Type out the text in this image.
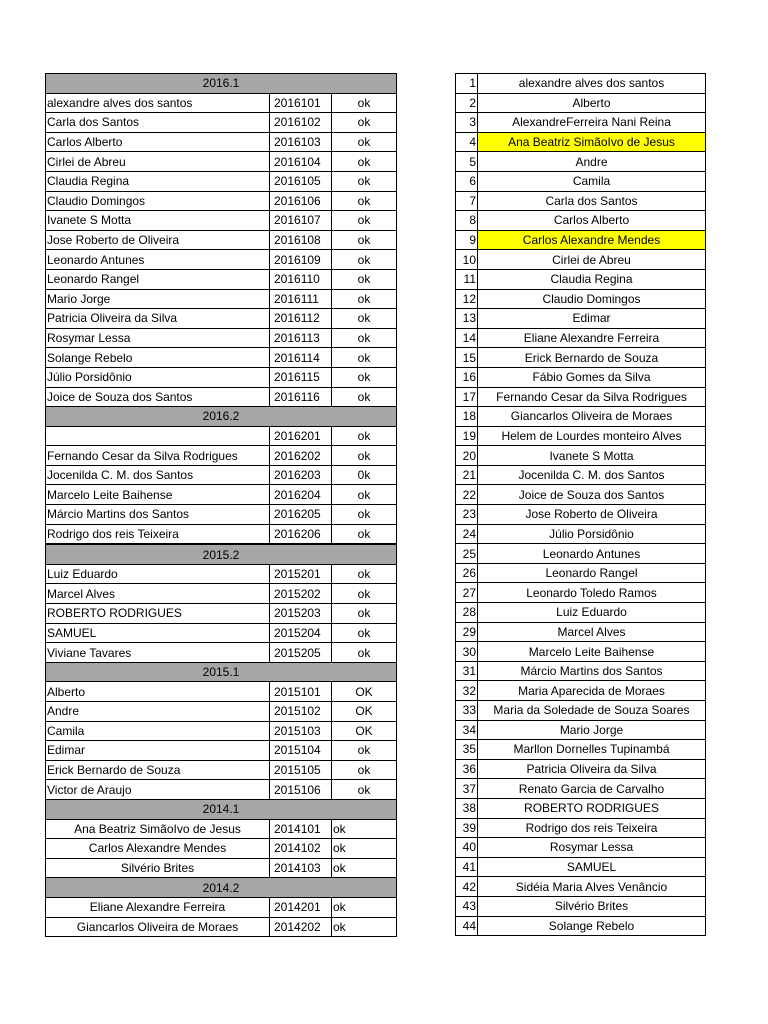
2016.1		
alexandre alves dos santos	2016101	ok
Carla dos Santos	2016102	ok
Carlos Alberto	2016103	ok
Cirlei de Abreu	2016104	ok
Claudia Regina	2016105	ok
Claudio Domingos	2016106	ok
Ivanete S Motta	2016107	ok
Jose Roberto de Oliveira	2016108	ok
Leonardo Antunes	2016109	ok
Leonardo Rangel	2016110	ok
Mario Jorge	2016111	ok
Patricia Oliveira da Silva	2016112	ok
Rosymar Lessa	2016113	ok
Solange Rebelo	2016114	ok
Júlio Porsidônio	2016115	ok
Joice de Souza dos Santos	2016116	ok
2016.2		
	2016201	ok
Fernando Cesar da Silva Rodrigues	2016202	ok
Jocenilda C. M. dos Santos	2016203	0k
Marcelo Leite Baihense	2016204	ok
Márcio Martins dos Santos	2016205	ok
Rodrigo dos reis Teixeira	2016206	ok
2015.2		
Luiz Eduardo	2015201	ok
Marcel Alves	2015202	ok
ROBERTO RODRIGUES	2015203	ok
SAMUEL	2015204	ok
Viviane Tavares	2015205	ok
2015.1		
Alberto	2015101	OK
Andre	2015102	OK
Camila	2015103	OK
Edimar	2015104	ok
Erick Bernardo de Souza	2015105	ok
Victor de Araujo	2015106	ok
2014.1		
Ana Beatriz SimãoIvo de Jesus	2014101	ok
Carlos Alexandre Mendes	2014102	ok
Silvério Brites	2014103	ok
2014.2		
Eliane Alexandre Ferreira	2014201	ok
Giancarlos Oliveira de Moraes	2014202	ok
1	alexandre alves dos santos
2	Alberto
3	AlexandreFerreira Nani Reina
4	Ana Beatriz SimãoIvo de Jesus
5	Andre
6	Camila
7	Carla dos Santos
8	Carlos Alberto
9	Carlos Alexandre Mendes
10	Cirlei de Abreu
11	Claudia Regina
12	Claudio Domingos
13	Edimar
14	Eliane Alexandre Ferreira
15	Erick Bernardo de Souza
16	Fábio Gomes da Silva
17	Fernando Cesar da Silva Rodrigues
18	Giancarlos Oliveira de Moraes
19	Helem de Lourdes monteiro Alves
20	Ivanete S Motta
21	Jocenilda C. M. dos Santos
22	Joice de Souza dos Santos
23	Jose Roberto de Oliveira
24	Júlio Porsidônio
25	Leonardo Antunes
26	Leonardo Rangel
27	Leonardo Toledo Ramos
28	Luiz Eduardo
29	Marcel Alves
30	Marcelo Leite Baihense
31	Márcio Martins dos Santos
32	Maria Aparecida de Moraes
33	Maria da Soledade de Souza Soares
34	Mario Jorge
35	Marllon Dornelles Tupinambá
36	Patricia Oliveira da Silva
37	Renato Garcia de Carvalho
38	ROBERTO RODRIGUES
39	Rodrigo dos reis Teixeira
40	Rosymar Lessa
41	SAMUEL
42	Sidéia Maria Alves Venâncio
43	Silvério Brites
44	Solange Rebelo
